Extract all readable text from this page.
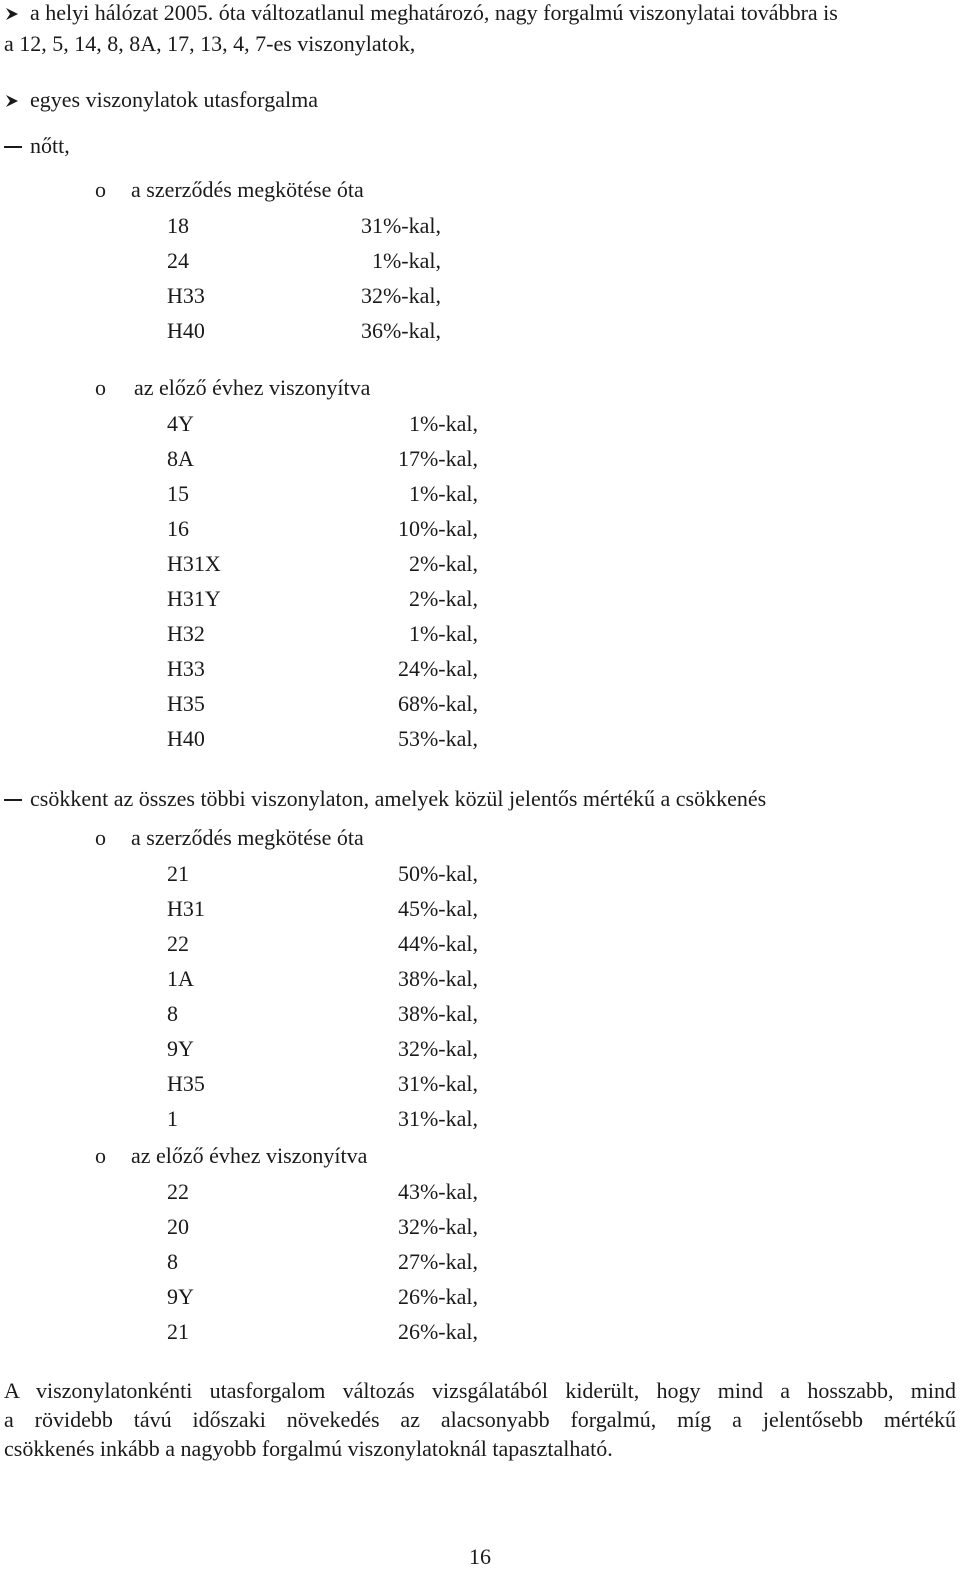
a helyi hálózat 2005. óta változatlanul meghatározó, nagy forgalmú viszonylatai továbbra is
a 12, 5, 14, 8, 8A, 17, 13, 4, 7-es viszonylatok,
egyes viszonylatok utasforgalma
nőtt,
o a szerződés megkötése óta
18	31%-kal,
24	1%-kal,
H33	32%-kal,
H40	36%-kal,
o az előző évhez viszonyítva
4Y	1%-kal,
8A	17%-kal,
15	1%-kal,
16	10%-kal,
H31X	2%-kal,
H31Y	2%-kal,
H32	1%-kal,
H33	24%-kal,
H35	68%-kal,
H40	53%-kal,
csökkent az összes többi viszonylaton, amelyek közül jelentős mértékű a csökkenés
o a szerződés megkötése óta
21	50%-kal,
H31	45%-kal,
22	44%-kal,
1A	38%-kal,
8	38%-kal,
9Y	32%-kal,
H35	31%-kal,
1	31%-kal,
o az előző évhez viszonyítva
22	43%-kal,
20	32%-kal,
8	27%-kal,
9Y	26%-kal,
21	26%-kal,
A viszonylatonkénti utasforgalom változás vizsgálatából kiderült, hogy mind a hosszabb, mind
a rövidebb távú időszaki növekedés az alacsonyabb forgalmú, míg a jelentősebb mértékű
csökkenés inkább a nagyobb forgalmú viszonylatoknál tapasztalható.
16
